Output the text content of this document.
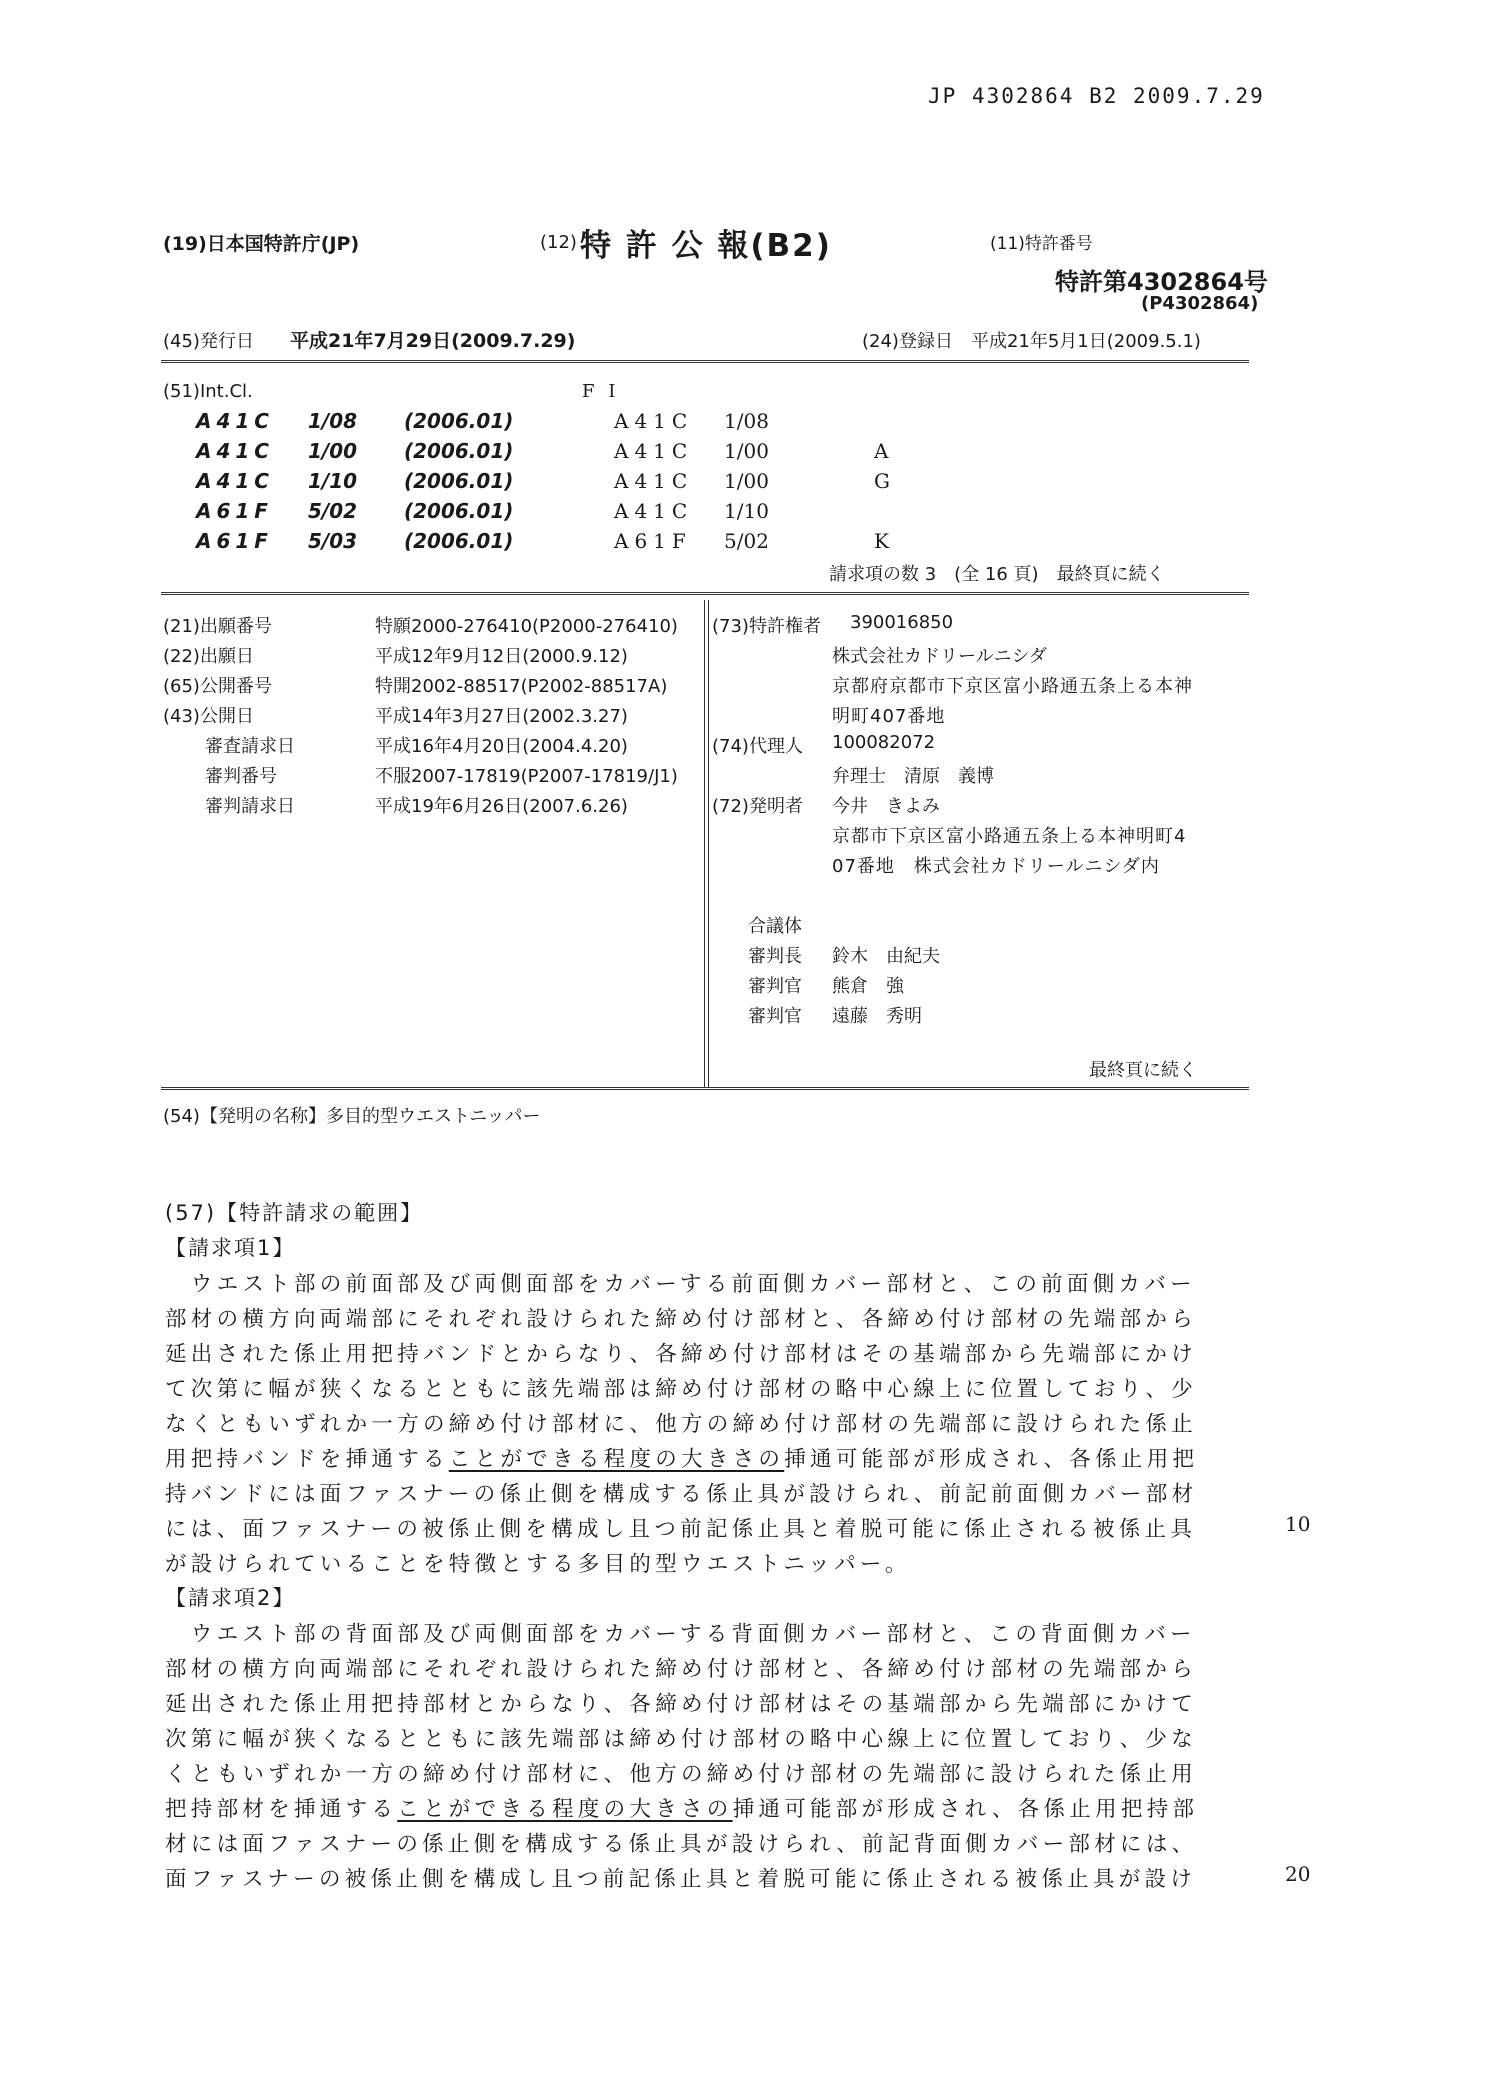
JP 4302864 B2 2009.7.29
(19)日本国特許庁(JP)	(12) 特 許 公 報(B2)	(11)特許番号
特許第4302864号
(P4302864)
(45)発行日 平成21年7月29日(2009.7.29)	(24)登録日　平成21年5月1日(2009.5.1)
(51)Int.Cl.	F I
A41C 1/08 (2006.01)	A41C 1/08
A41C 1/00 (2006.01)	A41C 1/00	A
A41C 1/10 (2006.01)	A41C 1/00	G
A61F 5/02 (2006.01)	A41C 1/10
A61F 5/03 (2006.01)	A61F 5/02	K
請求項の数 3　(全 16 頁)　最終頁に続く
(21)出願番号	特願2000-276410(P2000-276410)
(22)出願日	平成12年9月12日(2000.9.12)
(65)公開番号	特開2002-88517(P2002-88517A)
(43)公開日	平成14年3月27日(2002.3.27)
審査請求日	平成16年4月20日(2004.4.20)
審判番号	不服2007-17819(P2007-17819/J1)
審判請求日	平成19年6月26日(2007.6.26)
(73)特許権者 390016850
株式会社カドリールニシダ
京都府京都市下京区富小路通五条上る本神
明町407番地
(74)代理人 100082072
弁理士　清原　義博
(72)発明者 今井　きよみ
京都市下京区富小路通五条上る本神明町4
07番地　株式会社カドリールニシダ内
合議体
審判長 鈴木　由紀夫
審判官 熊倉　強
審判官 遠藤　秀明
最終頁に続く
(54)【発明の名称】多目的型ウエストニッパー
(57)【特許請求の範囲】
【請求項1】
　ウエスト部の前面部及び両側面部をカバーする前面側カバー部材と、この前面側カバー
部材の横方向両端部にそれぞれ設けられた締め付け部材と、各締め付け部材の先端部から
延出された係止用把持バンドとからなり、各締め付け部材はその基端部から先端部にかけ
て次第に幅が狭くなるとともに該先端部は締め付け部材の略中心線上に位置しており、少
なくともいずれか一方の締め付け部材に、他方の締め付け部材の先端部に設けられた係止
用把持バンドを挿通することができる程度の大きさの挿通可能部が形成され、各係止用把
持バンドには面ファスナーの係止側を構成する係止具が設けられ、前記前面側カバー部材
には、面ファスナーの被係止側を構成し且つ前記係止具と着脱可能に係止される被係止具	10
が設けられていることを特徴とする多目的型ウエストニッパー。
【請求項2】
　ウエスト部の背面部及び両側面部をカバーする背面側カバー部材と、この背面側カバー
部材の横方向両端部にそれぞれ設けられた締め付け部材と、各締め付け部材の先端部から
延出された係止用把持部材とからなり、各締め付け部材はその基端部から先端部にかけて
次第に幅が狭くなるとともに該先端部は締め付け部材の略中心線上に位置しており、少な
くともいずれか一方の締め付け部材に、他方の締め付け部材の先端部に設けられた係止用
把持部材を挿通することができる程度の大きさの挿通可能部が形成され、各係止用把持部
材には面ファスナーの係止側を構成する係止具が設けられ、前記背面側カバー部材には、
面ファスナーの被係止側を構成し且つ前記係止具と着脱可能に係止される被係止具が設け	20
